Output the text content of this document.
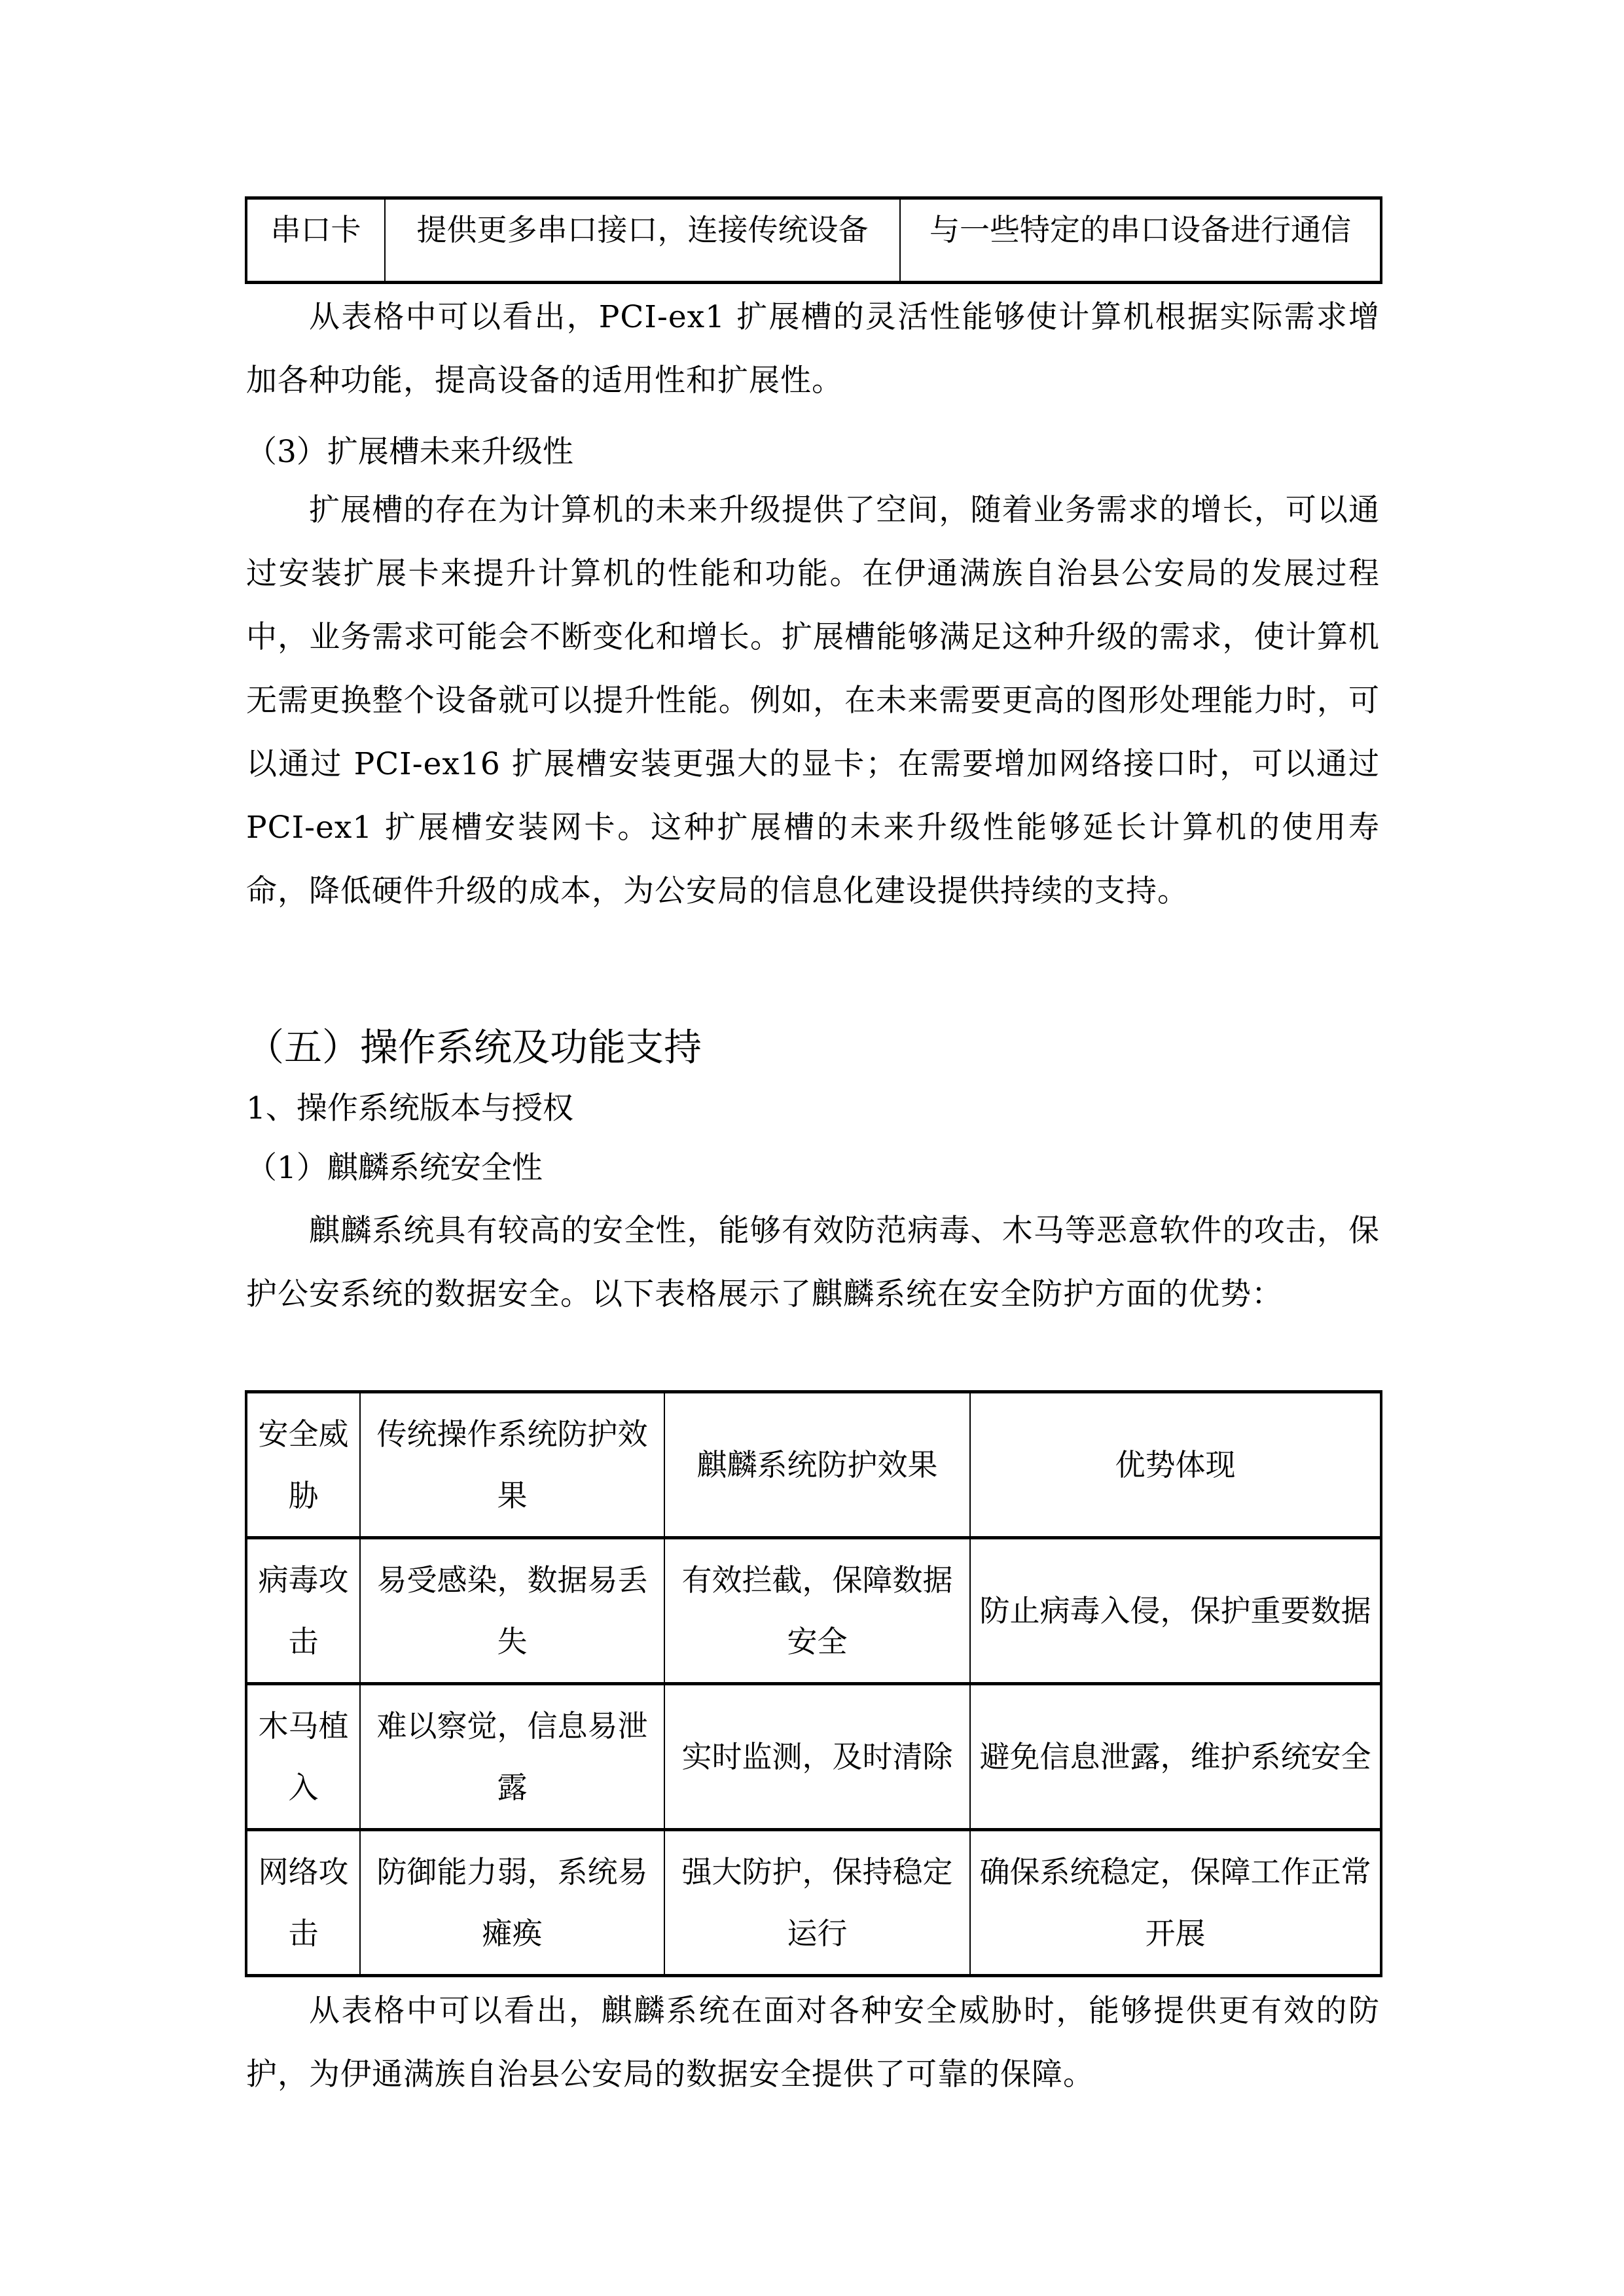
串口卡	提供更多串口接口，连接传统设备	与一些特定的串口设备进行通信

从表格中可以看出，PCI-ex1 扩展槽的灵活性能够使计算机根据实际需求增加各种功能，提高设备的适用性和扩展性。

（3）扩展槽未来升级性

扩展槽的存在为计算机的未来升级提供了空间，随着业务需求的增长，可以通过安装扩展卡来提升计算机的性能和功能。在伊通满族自治县公安局的发展过程中，业务需求可能会不断变化和增长。扩展槽能够满足这种升级的需求，使计算机无需更换整个设备就可以提升性能。例如，在未来需要更高的图形处理能力时，可以通过 PCI-ex16 扩展槽安装更强大的显卡；在需要增加网络接口时，可以通过 PCI-ex1 扩展槽安装网卡。这种扩展槽的未来升级性能够延长计算机的使用寿命，降低硬件升级的成本，为公安局的信息化建设提供持续的支持。

（五）操作系统及功能支持

1、操作系统版本与授权

（1）麒麟系统安全性

麒麟系统具有较高的安全性，能够有效防范病毒、木马等恶意软件的攻击，保护公安系统的数据安全。以下表格展示了麒麟系统在安全防护方面的优势：

安全威胁	传统操作系统防护效果	麒麟系统防护效果	优势体现
病毒攻击	易受感染，数据易丢失	有效拦截，保障数据安全	防止病毒入侵，保护重要数据
木马植入	难以察觉，信息易泄露	实时监测，及时清除	避免信息泄露，维护系统安全
网络攻击	防御能力弱，系统易瘫痪	强大防护，保持稳定运行	确保系统稳定，保障工作正常开展

从表格中可以看出，麒麟系统在面对各种安全威胁时，能够提供更有效的防护，为伊通满族自治县公安局的数据安全提供了可靠的保障。
